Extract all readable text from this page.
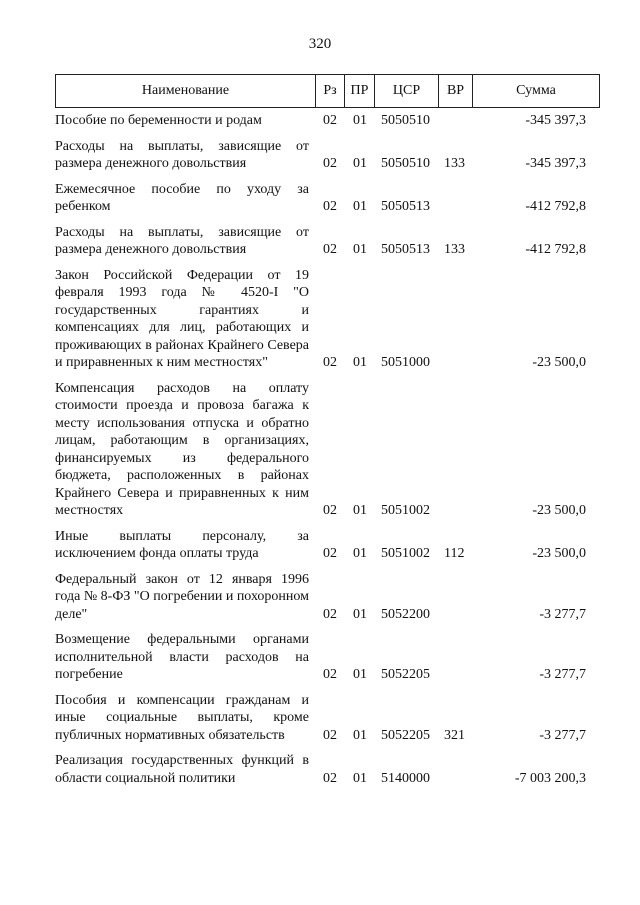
320
Наименование	Рз ПР	ЦСР	ВР	Сумма
Пособие по беременности и родам	02 01 5050510	-345 397,3
Расходы на выплаты, зависящие от размера денежного довольствия	02 01 5050510 133	-345 397,3
Ежемесячное пособие по уходу за ребенком	02 01 5050513	-412 792,8
Расходы на выплаты, зависящие от размера денежного довольствия	02 01 5050513 133	-412 792,8
Закон Российской Федерации от 19 февраля 1993 года № 4520-I "О государственных гарантиях и компенсациях для лиц, работающих и проживающих в районах Крайнего Севера и приравненных к ним местностях"	02 01 5051000	-23 500,0
Компенсация расходов на оплату стоимости проезда и провоза багажа к месту использования отпуска и обратно лицам, работающим в организациях, финансируемых из федерального бюджета, расположенных в районах Крайнего Севера и приравненных к ним местностях	02 01 5051002	-23 500,0
Иные выплаты персоналу, за исключением фонда оплаты труда	02 01 5051002 112	-23 500,0
Федеральный закон от 12 января 1996 года № 8-ФЗ "О погребении и похоронном деле"	02 01 5052200	-3 277,7
Возмещение федеральными органами исполнительной власти расходов на погребение	02 01 5052205	-3 277,7
Пособия и компенсации гражданам и иные социальные выплаты, кроме публичных нормативных обязательств	02 01 5052205 321	-3 277,7
Реализация государственных функций в области социальной политики	02 01 5140000	-7 003 200,3
